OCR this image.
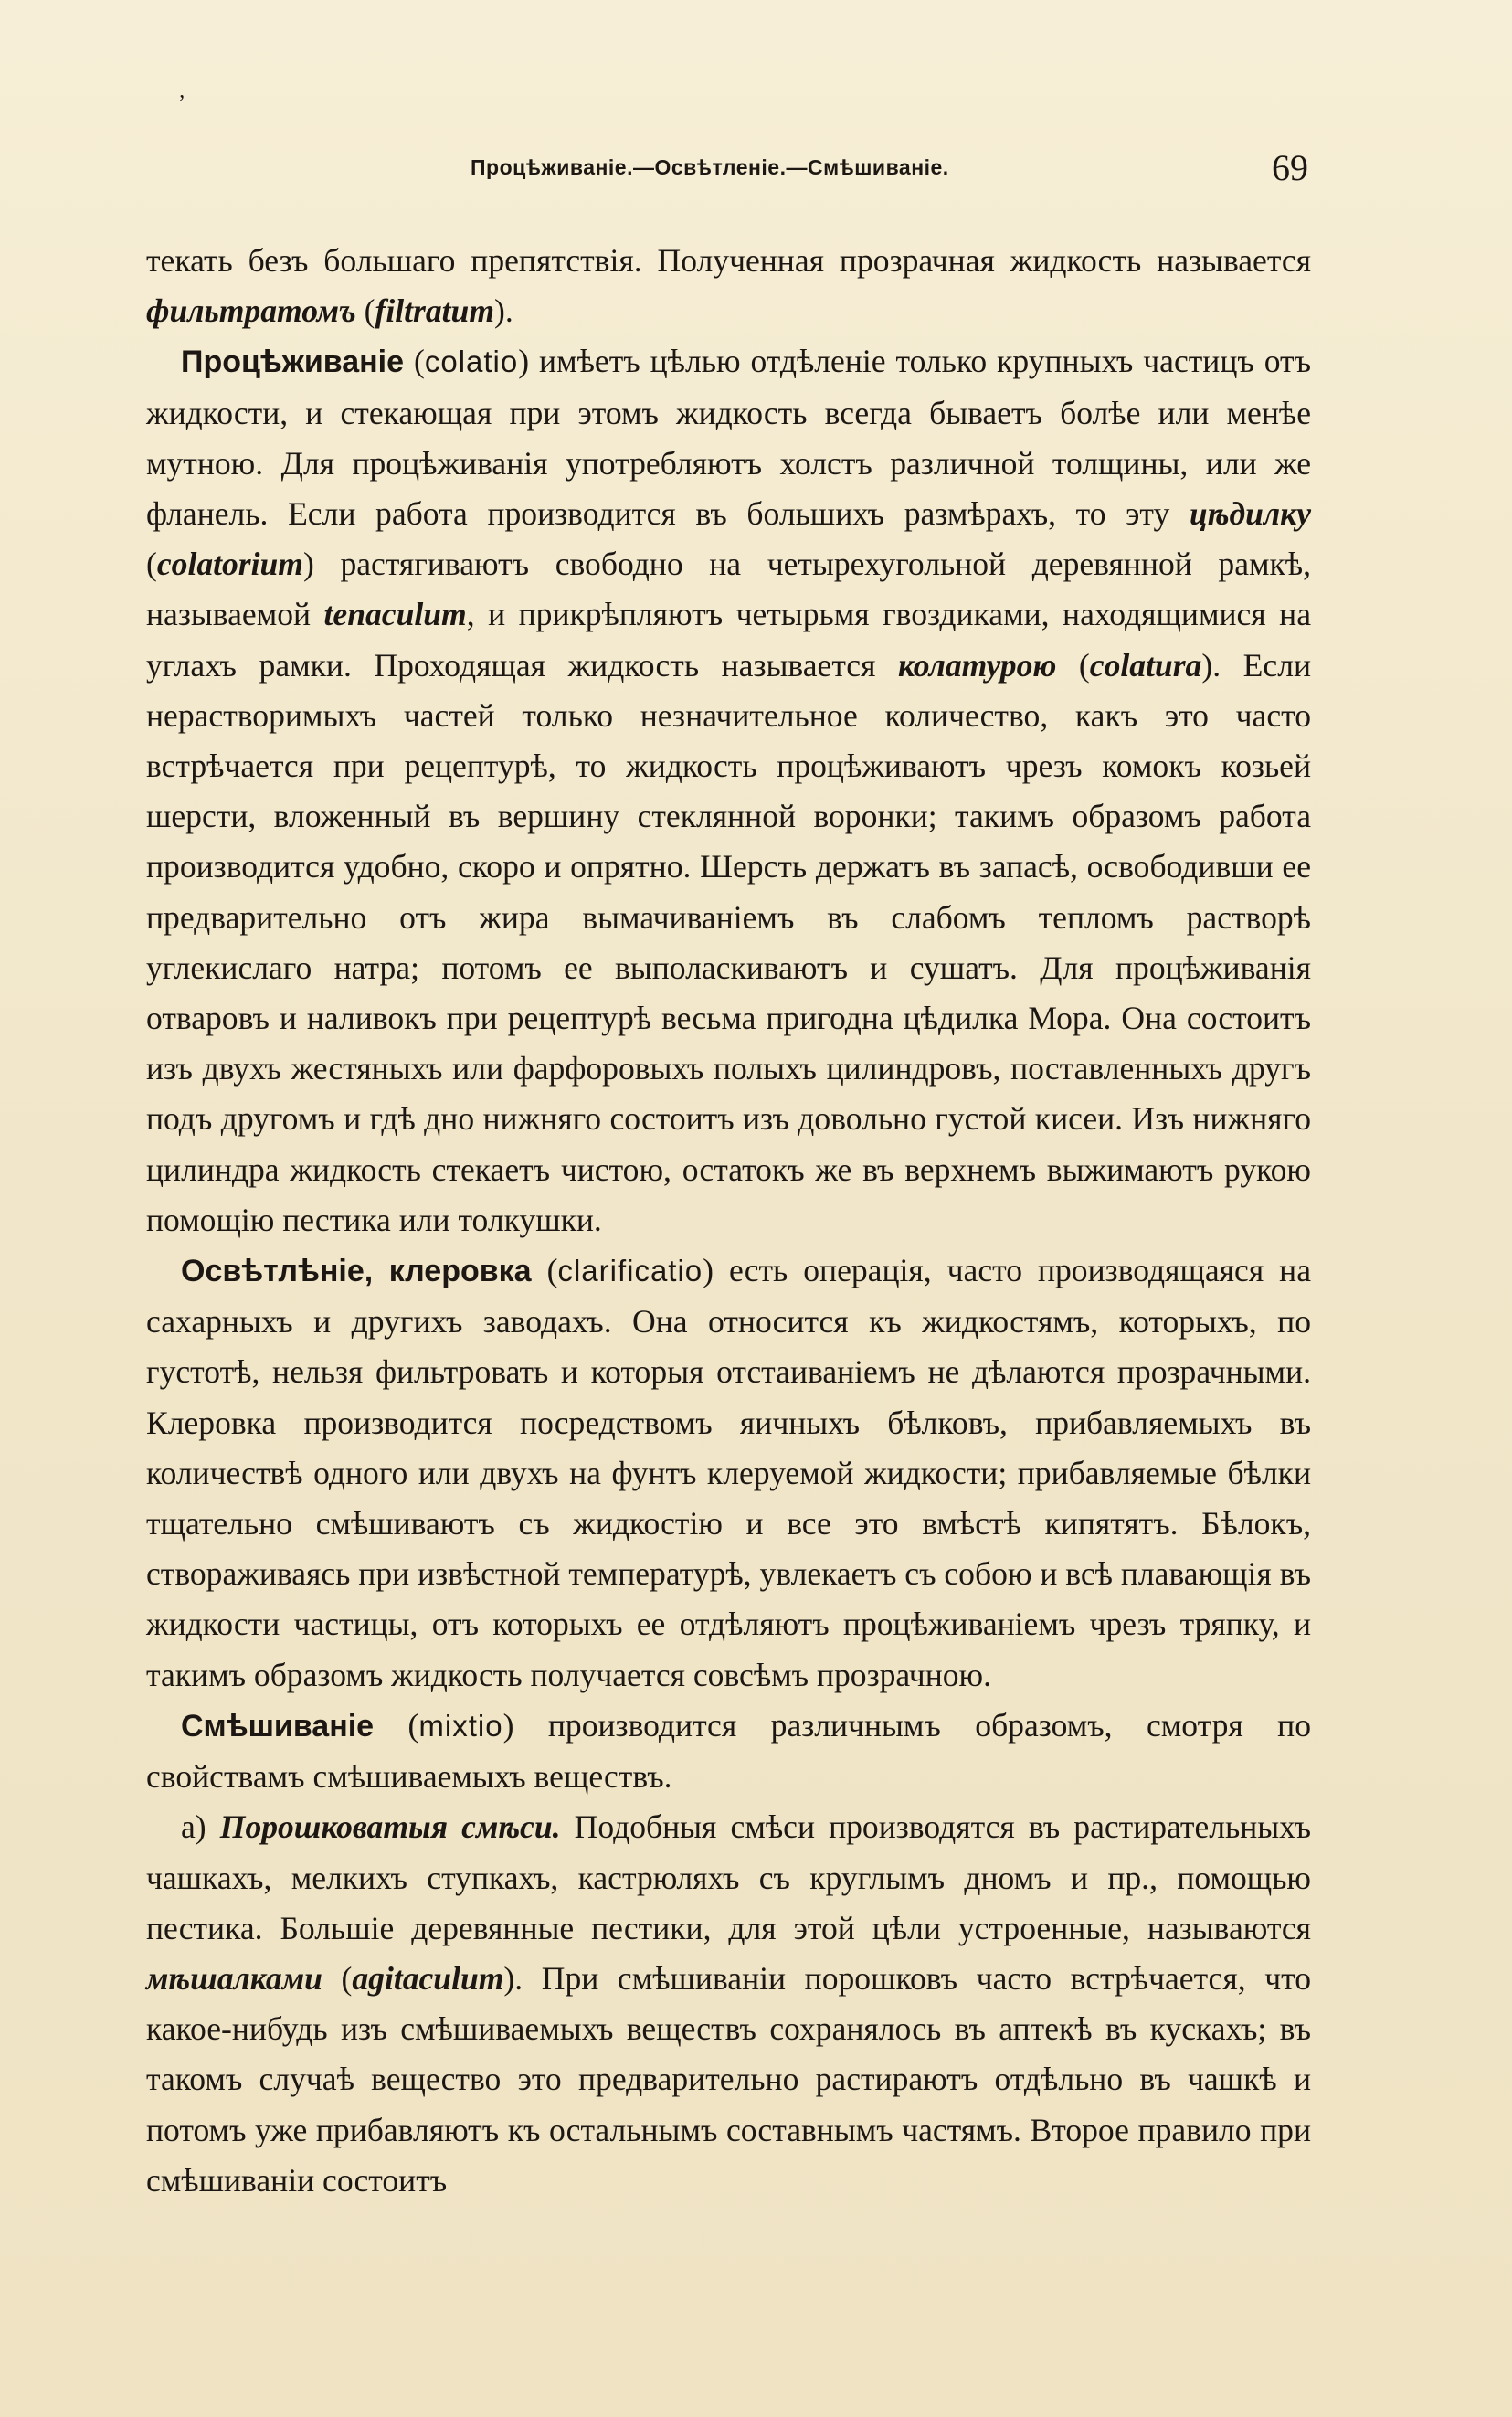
ʼ
Процѣживаніе.—Освѣтленіе.—Смѣшиваніе.	69

текать безъ большаго препятствія. Полученная прозрачная жидкость называется фильтратомъ (filtratum).

Процѣживаніе (colatio) имѣетъ цѣлью отдѣленіе только крупныхъ частицъ отъ жидкости, и стекающая при этомъ жидкость всегда бываетъ болѣе или менѣе мутною. Для процѣживанія употребляютъ холстъ различной толщины, или же фланель. Если работа производится въ большихъ размѣрахъ, то эту цѣдилку (colatorium) растягиваютъ свободно на четырехугольной деревянной рамкѣ, называемой tenaculum, и прикрѣпляютъ четырьмя гвоздиками, находящимися на углахъ рамки. Проходящая жидкость называется колатурою (colatura). Если нерастворимыхъ частей только незначительное количество, какъ это часто встрѣчается при рецептурѣ, то жидкость процѣживаютъ чрезъ комокъ козьей шерсти, вложенный въ вершину стеклянной воронки; такимъ образомъ работа производится удобно, скоро и опрятно. Шерсть держатъ въ запасѣ, освободивши ее предварительно отъ жира вымачиваніемъ въ слабомъ тепломъ растворѣ углекислаго натра; потомъ ее выполаскиваютъ и сушатъ. Для процѣживанія отваровъ и наливокъ при рецептурѣ весьма пригодна цѣдилка Мора. Она состоитъ изъ двухъ жестяныхъ или фарфоровыхъ полыхъ цилиндровъ, поставленныхъ другъ подъ другомъ и гдѣ дно нижняго состоитъ изъ довольно густой кисеи. Изъ нижняго цилиндра жидкость стекаетъ чистою, остатокъ же въ верхнемъ выжимаютъ рукою помощію пестика или толкушки.

Освѣтлѣніе, клеровка (clarificatio) есть операція, часто производящаяся на сахарныхъ и другихъ заводахъ. Она относится къ жидкостямъ, которыхъ, по густотѣ, нельзя фильтровать и которыя отстаиваніемъ не дѣлаются прозрачными. Клеровка производится посредствомъ яичныхъ бѣлковъ, прибавляемыхъ въ количествѣ одного или двухъ на фунтъ клеруемой жидкости; прибавляемые бѣлки тщательно смѣшиваютъ съ жидкостію и все это вмѣстѣ кипятятъ. Бѣлокъ, створаживаясь при извѣстной температурѣ, увлекаетъ съ собою и всѣ плавающія въ жидкости частицы, отъ которыхъ ее отдѣляютъ процѣживаніемъ чрезъ тряпку, и такимъ образомъ жидкость получается совсѣмъ прозрачною.

Смѣшиваніе (mixtio) производится различнымъ образомъ, смотря по свойствамъ смѣшиваемыхъ веществъ.

а) Порошковатыя смѣси. Подобныя смѣси производятся въ растирательныхъ чашкахъ, мелкихъ ступкахъ, кастрюляхъ съ круглымъ дномъ и пр., помощью пестика. Большіе деревянные пестики, для этой цѣли устроенные, называются мѣшалками (agitaculum). При смѣшиваніи порошковъ часто встрѣчается, что какое-нибудь изъ смѣшиваемыхъ веществъ сохранялось въ аптекѣ въ кускахъ; въ такомъ случаѣ вещество это предварительно растираютъ отдѣльно въ чашкѣ и потомъ уже прибавляютъ къ остальнымъ составнымъ частямъ. Второе правило при смѣшиваніи состоитъ
